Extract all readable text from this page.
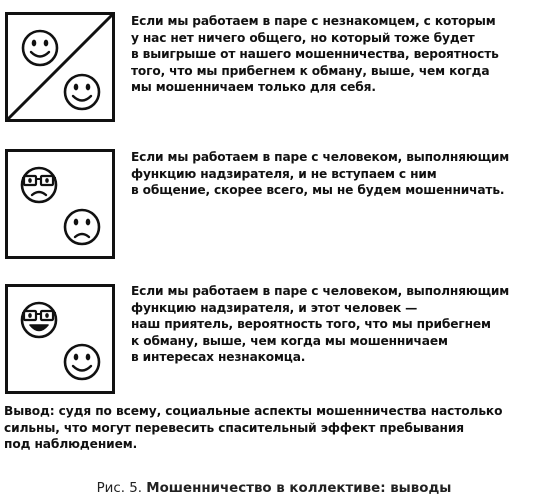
Если мы работаем в паре с незнакомцем, с которым
у нас нет ничего общего, но который тоже будет
в выигрыше от нашего мошенничества, вероятность
того, что мы прибегнем к обману, выше, чем когда
мы мошенничаем только для себя.
Если мы работаем в паре с человеком, выполняющим
функцию надзирателя, и не вступаем с ним
в общение, скорее всего, мы не будем мошенничать.
Если мы работаем в паре с человеком, выполняющим
функцию надзирателя, и этот человек —
наш приятель, вероятность того, что мы прибегнем
к обману, выше, чем когда мы мошенничаем
в интересах незнакомца.
Вывод: судя по всему, социальные аспекты мошенничества настолько
сильны, что могут перевесить спасительный эффект пребывания
под наблюдением.
Рис. 5. Мошенничество в коллективе: выводы
